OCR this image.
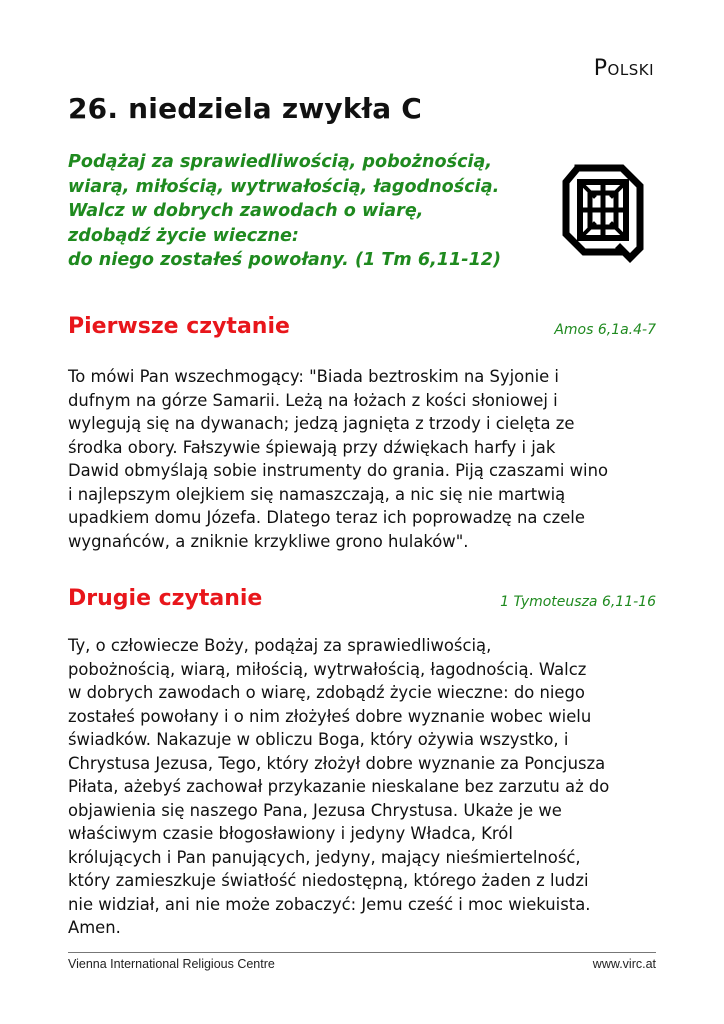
Polski
26. niedziela zwykła C
Podążaj za sprawiedliwością, pobożnością,
wiarą, miłością, wytrwałością, łagodnością.
Walcz w dobrych zawodach o wiarę,
zdobądź życie wieczne:
do niego zostałeś powołany. (1 Tm 6,11-12)
Pierwsze czytanie	Amos 6,1a.4-7
To mówi Pan wszechmogący: "Biada beztroskim na Syjonie i
dufnym na górze Samarii. Leżą na łożach z kości słoniowej i
wylegują się na dywanach; jedzą jagnięta z trzody i cielęta ze
środka obory. Fałszywie śpiewają przy dźwiękach harfy i jak
Dawid obmyślają sobie instrumenty do grania. Piją czaszami wino
i najlepszym olejkiem się namaszczają, a nic się nie martwią
upadkiem domu Józefa. Dlatego teraz ich poprowadzę na czele
wygnańców, a zniknie krzykliwe grono hulaków".
Drugie czytanie	1 Tymoteusza 6,11-16
Ty, o człowiecze Boży, podążaj za sprawiedliwością,
pobożnością, wiarą, miłością, wytrwałością, łagodnością. Walcz
w dobrych zawodach o wiarę, zdobądź życie wieczne: do niego
zostałeś powołany i o nim złożyłeś dobre wyznanie wobec wielu
świadków. Nakazuje w obliczu Boga, który ożywia wszystko, i
Chrystusa Jezusa, Tego, który złożył dobre wyznanie za Poncjusza
Piłata, ażebyś zachował przykazanie nieskalane bez zarzutu aż do
objawienia się naszego Pana, Jezusa Chrystusa. Ukaże je we
właściwym czasie błogosławiony i jedyny Władca, Król
królujących i Pan panujących, jedyny, mający nieśmiertelność,
który zamieszkuje światłość niedostępną, którego żaden z ludzi
nie widział, ani nie może zobaczyć: Jemu cześć i moc wiekuista.
Amen.
Vienna International Religious Centre	www.virc.at
